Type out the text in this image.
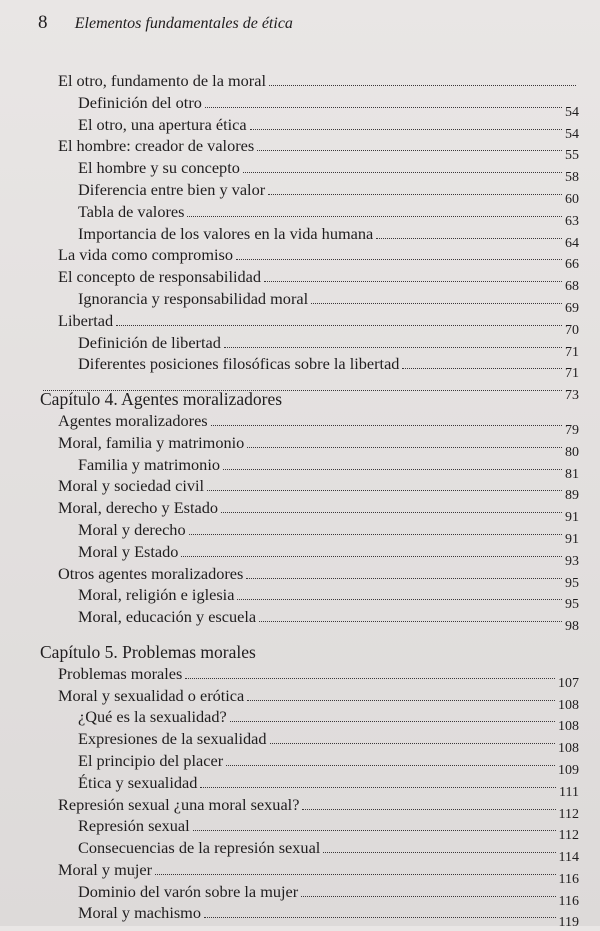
8 Elementos fundamentales de ética
El otro, fundamento de la moral
Definición del otro
54
El otro, una apertura ética
54
El hombre: creador de valores
55
El hombre y su concepto
58
Diferencia entre bien y valor
60
Tabla de valores
63
Importancia de los valores en la vida humana
64
La vida como compromiso
66
El concepto de responsabilidad
68
Ignorancia y responsabilidad moral
69
Libertad
70
Definición de libertad
71
Diferentes posiciones filosóficas sobre la libertad
71
73
Capítulo 4. Agentes moralizadores
Agentes moralizadores
79
Moral, familia y matrimonio
80
Familia y matrimonio
81
Moral y sociedad civil
89
Moral, derecho y Estado
91
Moral y derecho
91
Moral y Estado
93
Otros agentes moralizadores
95
Moral, religión e iglesia
95
Moral, educación y escuela
98
Capítulo 5. Problemas morales
Problemas morales
107
Moral y sexualidad o erótica
108
¿Qué es la sexualidad?
108
Expresiones de la sexualidad
108
El principio del placer
109
Ética y sexualidad
111
Represión sexual ¿una moral sexual?
112
Represión sexual
112
Consecuencias de la represión sexual
114
Moral y mujer
116
Dominio del varón sobre la mujer
116
Moral y machismo
119
